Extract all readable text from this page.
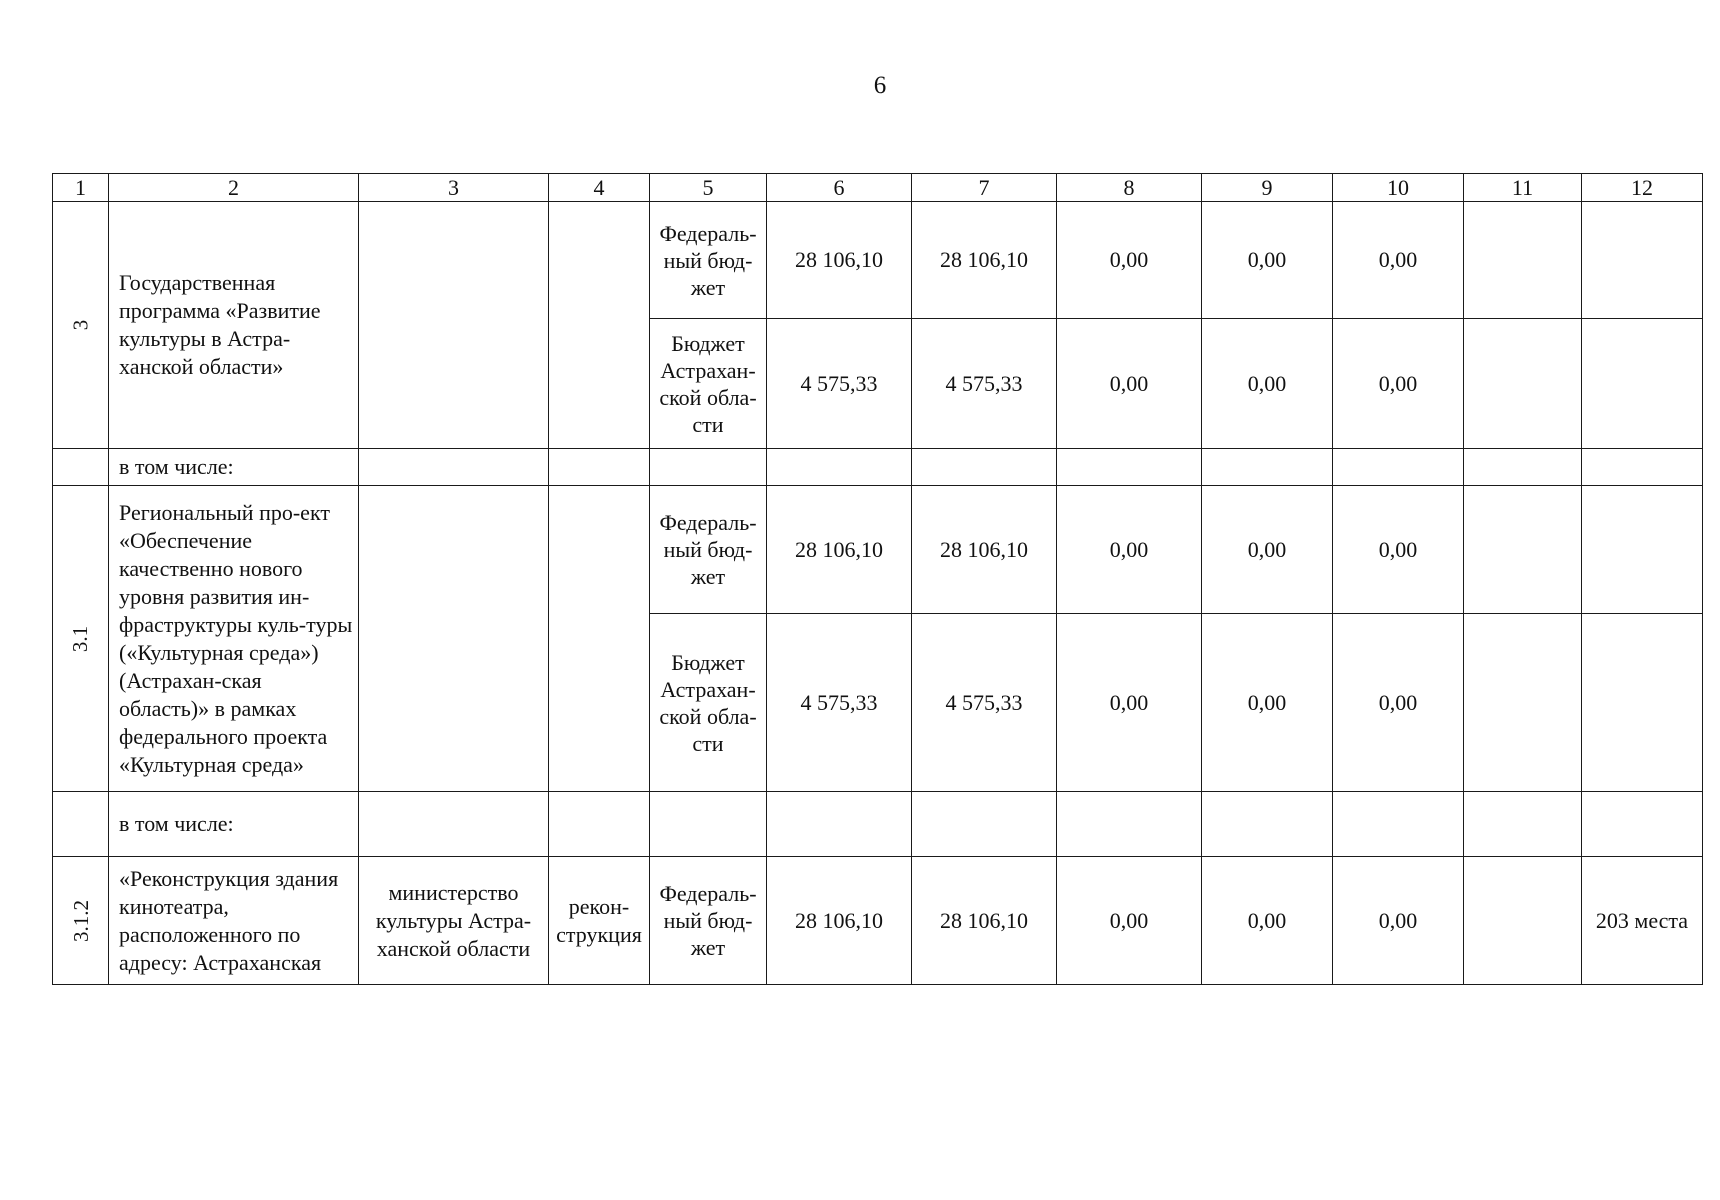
6
1	2	3	4	5	6	7	8	9	10	11	12
3	Государственная программа «Развитие культуры в Астра-ханской области»			Федераль-ный бюд-жет	28 106,10	28 106,10	0,00	0,00	0,00		
				Бюджет Астрахан-ской обла-сти	4 575,33	4 575,33	0,00	0,00	0,00		
	в том числе:										
3.1	Региональный про-ект «Обеспечение качественно нового уровня развития ин-фраструктуры куль-туры («Культурная среда») (Астрахан-ская область)» в рамках федерального проекта «Культурная среда»			Федераль-ный бюд-жет	28 106,10	28 106,10	0,00	0,00	0,00		
				Бюджет Астрахан-ской обла-сти	4 575,33	4 575,33	0,00	0,00	0,00		
	в том числе:										
3.1.2	«Реконструкция здания кинотеатра, расположенного по адресу: Астраханская	министерство культуры Астра-ханской области	рекон-струкция	Федераль-ный бюд-жет	28 106,10	28 106,10	0,00	0,00	0,00		203 места
